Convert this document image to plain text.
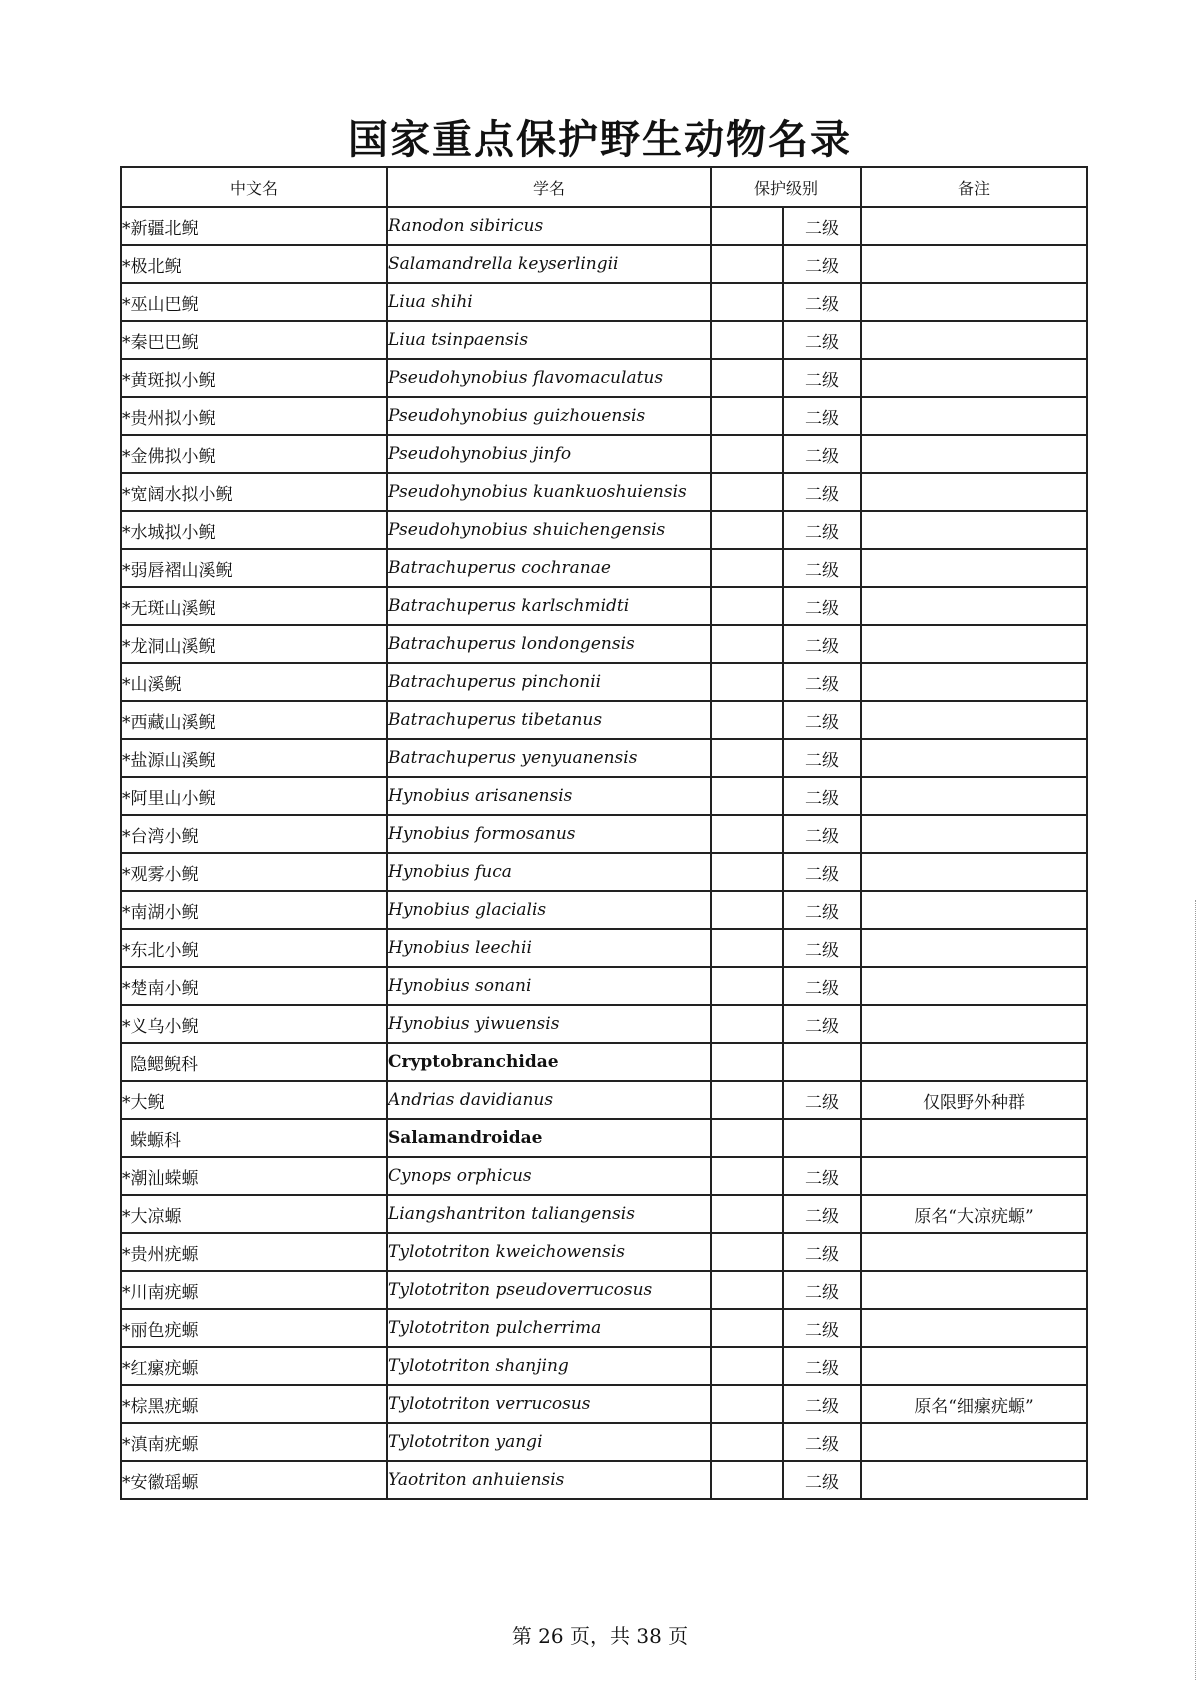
国家重点保护野生动物名录
中文名	学名	保护级别		备注
*新疆北鲵	Ranodon sibiricus		二级	
*极北鲵	Salamandrella keyserlingii		二级	
*巫山巴鲵	Liua shihi		二级	
*秦巴巴鲵	Liua tsinpaensis		二级	
*黄斑拟小鲵	Pseudohynobius flavomaculatus		二级	
*贵州拟小鲵	Pseudohynobius guizhouensis		二级	
*金佛拟小鲵	Pseudohynobius jinfo		二级	
*宽阔水拟小鲵	Pseudohynobius kuankuoshuiensis		二级	
*水城拟小鲵	Pseudohynobius shuichengensis		二级	
*弱唇褶山溪鲵	Batrachuperus cochranae		二级	
*无斑山溪鲵	Batrachuperus karlschmidti		二级	
*龙洞山溪鲵	Batrachuperus londongensis		二级	
*山溪鲵	Batrachuperus pinchonii		二级	
*西藏山溪鲵	Batrachuperus tibetanus		二级	
*盐源山溪鲵	Batrachuperus yenyuanensis		二级	
*阿里山小鲵	Hynobius arisanensis		二级	
*台湾小鲵	Hynobius formosanus		二级	
*观雾小鲵	Hynobius fuca		二级	
*南湖小鲵	Hynobius glacialis		二级	
*东北小鲵	Hynobius leechii		二级	
*楚南小鲵	Hynobius sonani		二级	
*义乌小鲵	Hynobius yiwuensis		二级	
隐鳃鲵科	Cryptobranchidae			
*大鲵	Andrias davidianus		二级	仅限野外种群
蝾螈科	Salamandroidae			
*潮汕蝾螈	Cynops orphicus		二级	
*大凉螈	Liangshantriton taliangensis		二级	原名“大凉疣螈”
*贵州疣螈	Tylototriton kweichowensis		二级	
*川南疣螈	Tylototriton pseudoverrucosus		二级	
*丽色疣螈	Tylototriton pulcherrima		二级	
*红瘰疣螈	Tylototriton shanjing		二级	
*棕黑疣螈	Tylototriton verrucosus		二级	原名“细瘰疣螈”
*滇南疣螈	Tylototriton yangi		二级	
*安徽瑶螈	Yaotriton anhuiensis		二级	
第 26 页，共 38 页
